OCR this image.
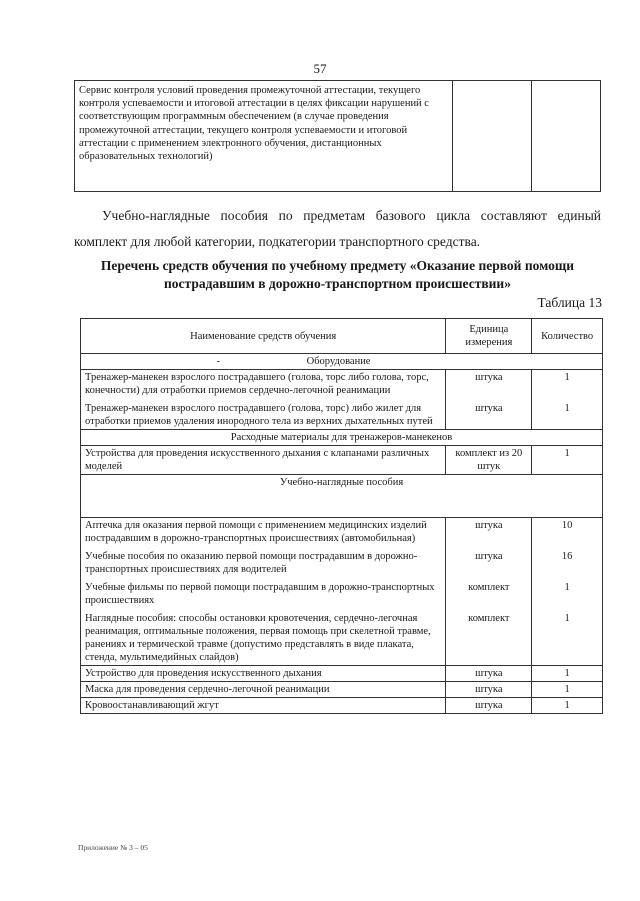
57
Сервис контроля условий проведения промежуточной аттестации, текущего контроля успеваемости и итоговой аттестации в целях фиксации нарушений с соответствующим программным обеспечением (в случае проведения промежуточной аттестации, текущего контроля успеваемости и итоговой аттестации с применением электронного обучения, дистанционных образовательных технологий)		

Учебно-наглядные пособия по предметам базового цикла составляют единый комплект для любой категории, подкатегории транспортного средства.

Перечень средств обучения по учебному предмету «Оказание первой помощи пострадавшим в дорожно-транспортном происшествии»

Таблица 13
Наименование средств обучения	Единица измерения	Количество
- Оборудование		
Тренажер-манекен взрослого пострадавшего (голова, торс либо голова, торс, конечности) для отработки приемов сердечно-легочной реанимации	штука	1
Тренажер-манекен взрослого пострадавшего (голова, торс) либо жилет для отработки приемов удаления инородного тела из верхних дыхательных путей	штука	1
Расходные материалы для тренажеров-манекенов		
Устройства для проведения искусственного дыхания с клапанами различных моделей	комплект из 20 штук	1
Учебно-наглядные пособия		
Аптечка для оказания первой помощи с применением медицинских изделий пострадавшим в дорожно-транспортных происшествиях (автомобильная)	штука	10
Учебные пособия по оказанию первой помощи пострадавшим в дорожно-транспортных происшествиях для водителей	штука	16
Учебные фильмы по первой помощи пострадавшим в дорожно-транспортных происшествиях	комплект	1
Наглядные пособия: способы остановки кровотечения, сердечно-легочная реанимация, оптимальные положения, первая помощь при скелетной травме, ранениях и термической травме (допустимо представлять в виде плаката, стенда, мультимедийных слайдов)	комплект	1
Устройство для проведения искусственного дыхания	штука	1
Маска для проведения сердечно-легочной реанимации	штука	1
Кровоостанавливающий жгут	штука	1
Приложение № 3 – 05
